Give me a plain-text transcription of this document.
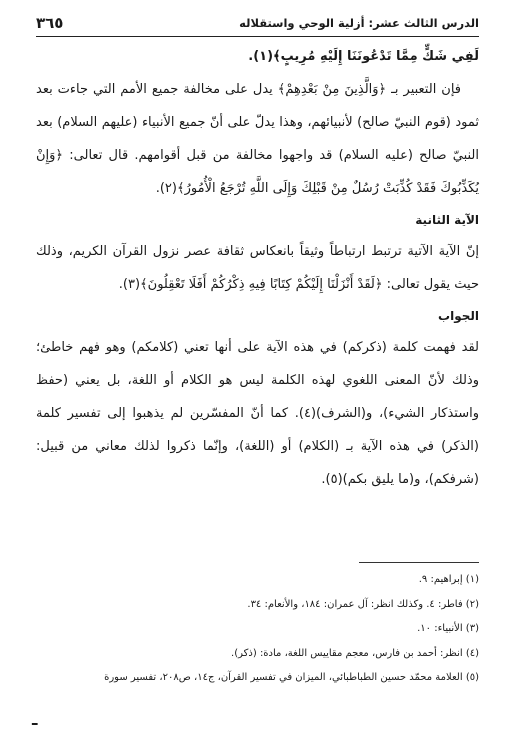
٣٦٥	الدرس الثالث عشر: أزلية الوحي واستقلاله

لَفِي شَكٍّ مِمَّا تَدْعُونَنَا إِلَيْهِ مُرِيبٍ﴾(١).

فإن التعبير بـ ﴿وَالَّذِينَ مِنْ بَعْدِهِمْ﴾ يدل على مخالفة جميع الأمم التي جاءت بعد ثمود (قوم النبيّ صالح) لأنبيائهم، وهذا يدلّ على أنّ جميع الأنبياء (عليهم السلام) بعد النبيّ صالح (عليه السلام) قد واجهوا مخالفة من قبل أقوامهم. قال تعالى: ﴿وَإِنْ يُكَذِّبُوكَ فَقَدْ كُذِّبَتْ رُسُلٌ مِنْ قَبْلِكَ وَإِلَى اللَّهِ تُرْجَعُ الْأُمُورُ﴾(٢).

الآية الثانية

إنّ الآية الآتية ترتبط ارتباطاً وثيقاً بانعكاس ثقافة عصر نزول القرآن الكريم، وذلك حيث يقول تعالى: ﴿لَقَدْ أَنْزَلْنَا إِلَيْكُمْ كِتَابًا فِيهِ ذِكْرُكُمْ أَفَلَا تَعْقِلُونَ﴾(٣).

الجواب

لقد فهمت كلمة (ذكركم) في هذه الآية على أنها تعني (كلامكم) وهو فهم خاطئ؛ وذلك لأنّ المعنى اللغوي لهذه الكلمة ليس هو الكلام أو اللغة، بل يعني (حفظ واستذكار الشيء)، و(الشرف)(٤). كما أنّ المفسّرين لم يذهبوا إلى تفسير كلمة (الذكر) في هذه الآية بـ (الكلام) أو (اللغة)، وإنّما ذكروا لذلك معاني من قبيل: (شرفكم)، و(ما يليق بكم)(٥).

(١) إبراهيم: ٩.

(٢) فاطر: ٤. وكذلك انظر: آل عمران: ١٨٤، والأنعام: ٣٤.

(٣) الأنبياء: ١٠.

(٤) انظر: أحمد بن فارس، معجم مقاييس اللغة، مادة: (ذكر).

(٥) العلامة محمّد حسين الطباطبائي، الميزان في تفسير القرآن، ج١٤، ص٢٠٨، تفسير سورة

ـ
